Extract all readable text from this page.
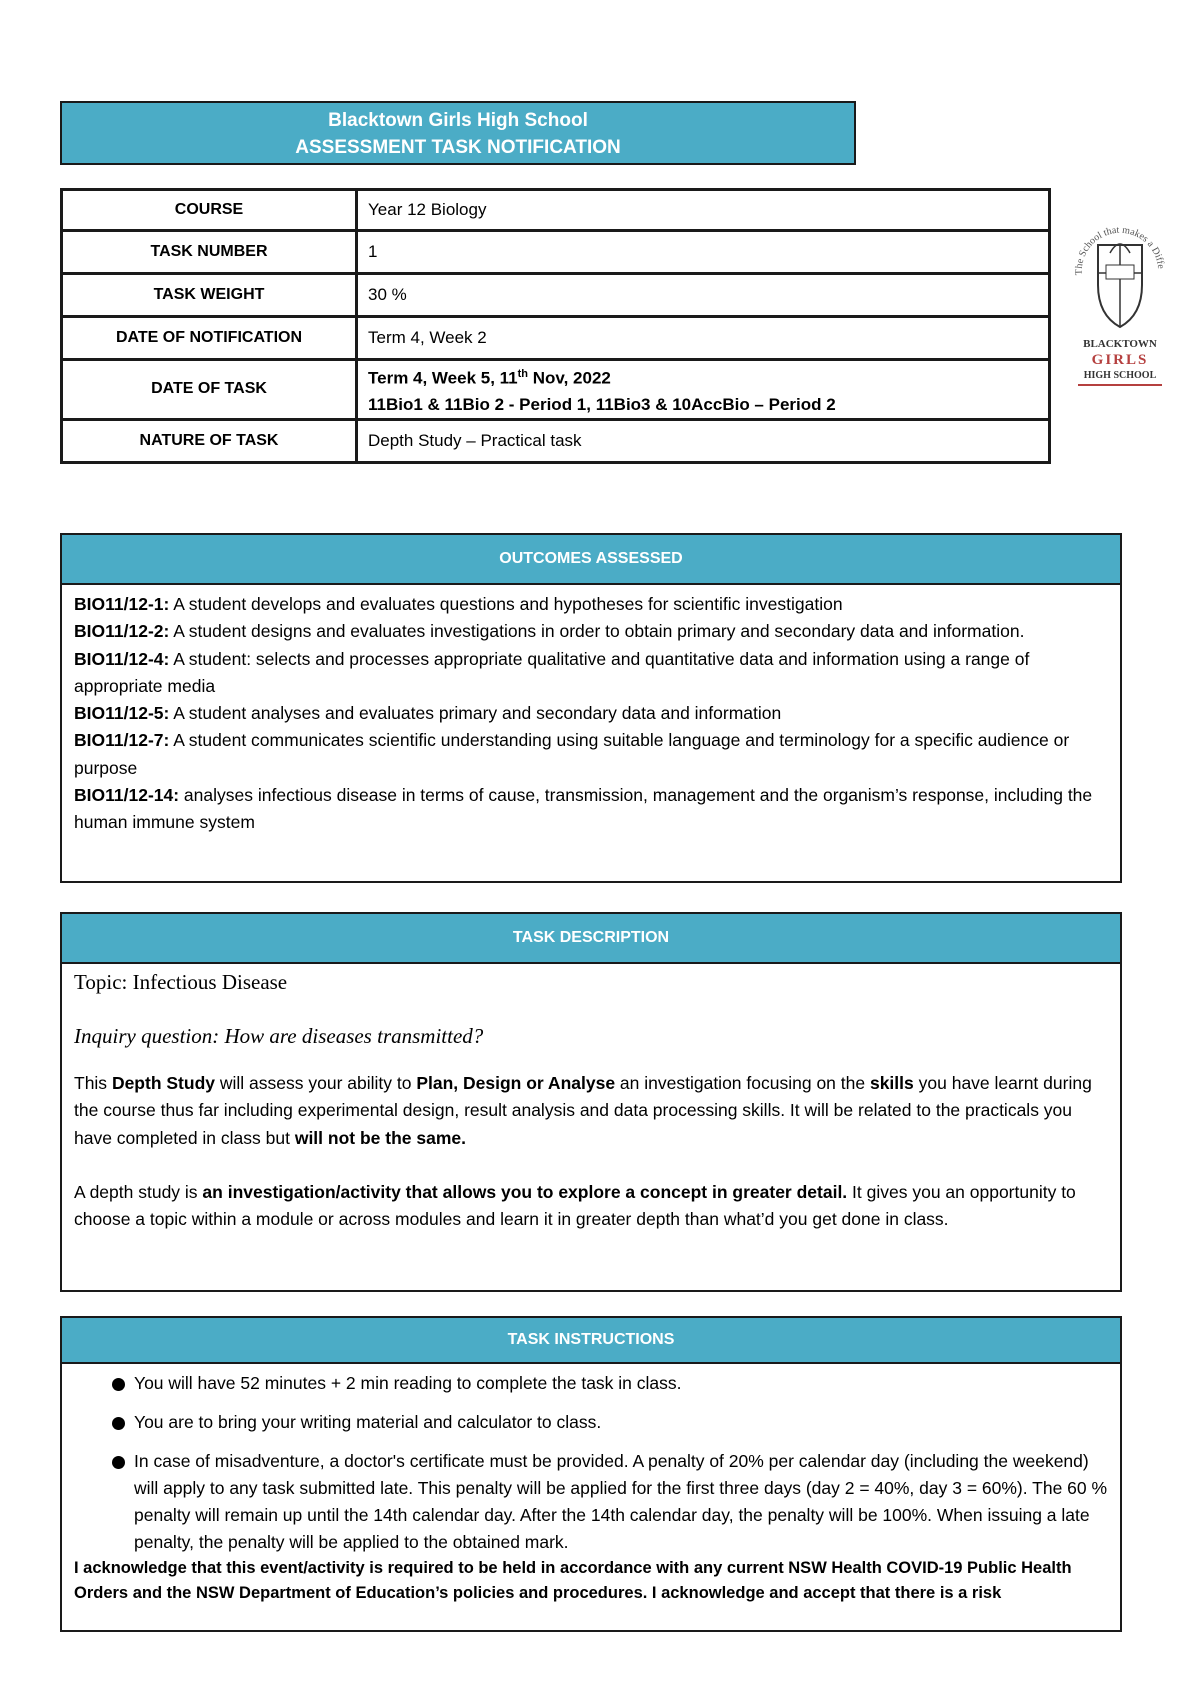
Blacktown Girls High School
ASSESSMENT TASK NOTIFICATION
COURSE	Year 12 Biology
TASK NUMBER	1
TASK WEIGHT	30 %
DATE OF NOTIFICATION	Term 4, Week 2
DATE OF TASK	Term 4, Week 5, 11th Nov, 2022
11Bio1 & 11Bio 2 - Period 1, 11Bio3 & 10AccBio – Period 2

NATURE OF TASK	Depth Study – Practical task
The School that makes a Diffe
BLACKTOWN
GIRLS
HIGH SCHOOL
OUTCOMES ASSESSED
BIO11/12-1: A student develops and evaluates questions and hypotheses for scientific investigation
BIO11/12-2: A student designs and evaluates investigations in order to obtain primary and secondary data and information.
BIO11/12-4: A student: selects and processes appropriate qualitative and quantitative data and information using a range of appropriate media
BIO11/12-5: A student analyses and evaluates primary and secondary data and information
BIO11/12-7: A student communicates scientific understanding using suitable language and terminology for a specific audience or purpose
BIO11/12-14: analyses infectious disease in terms of cause, transmission, management and the organism’s response, including the human immune system
TASK DESCRIPTION
Topic: Infectious Disease
Inquiry question: How are diseases transmitted?
This Depth Study will assess your ability to Plan, Design or Analyse an investigation focusing on the skills you have learnt during the course thus far including experimental design, result analysis and data processing skills. It will be related to the practicals you have completed in class but will not be the same.
A depth study is an investigation/activity that allows you to explore a concept in greater detail. It gives you an opportunity to choose a topic within a module or across modules and learn it in greater depth than what’d you get done in class.
TASK INSTRUCTIONS
You will have 52 minutes + 2 min reading to complete the task in class.
You are to bring your writing material and calculator to class.
In case of misadventure, a doctor's certificate must be provided. A penalty of 20% per calendar day (including the weekend) will apply to any task submitted late. This penalty will be applied for the first three days (day 2 = 40%, day 3 = 60%). The 60 % penalty will remain up until the 14th calendar day. After the 14th calendar day, the penalty will be 100%. When issuing a late penalty, the penalty will be applied to the obtained mark.
I acknowledge that this event/activity is required to be held in accordance with any current NSW Health COVID-19 Public Health Orders and the NSW Department of Education’s policies and procedures. I acknowledge and accept that there is a risk
